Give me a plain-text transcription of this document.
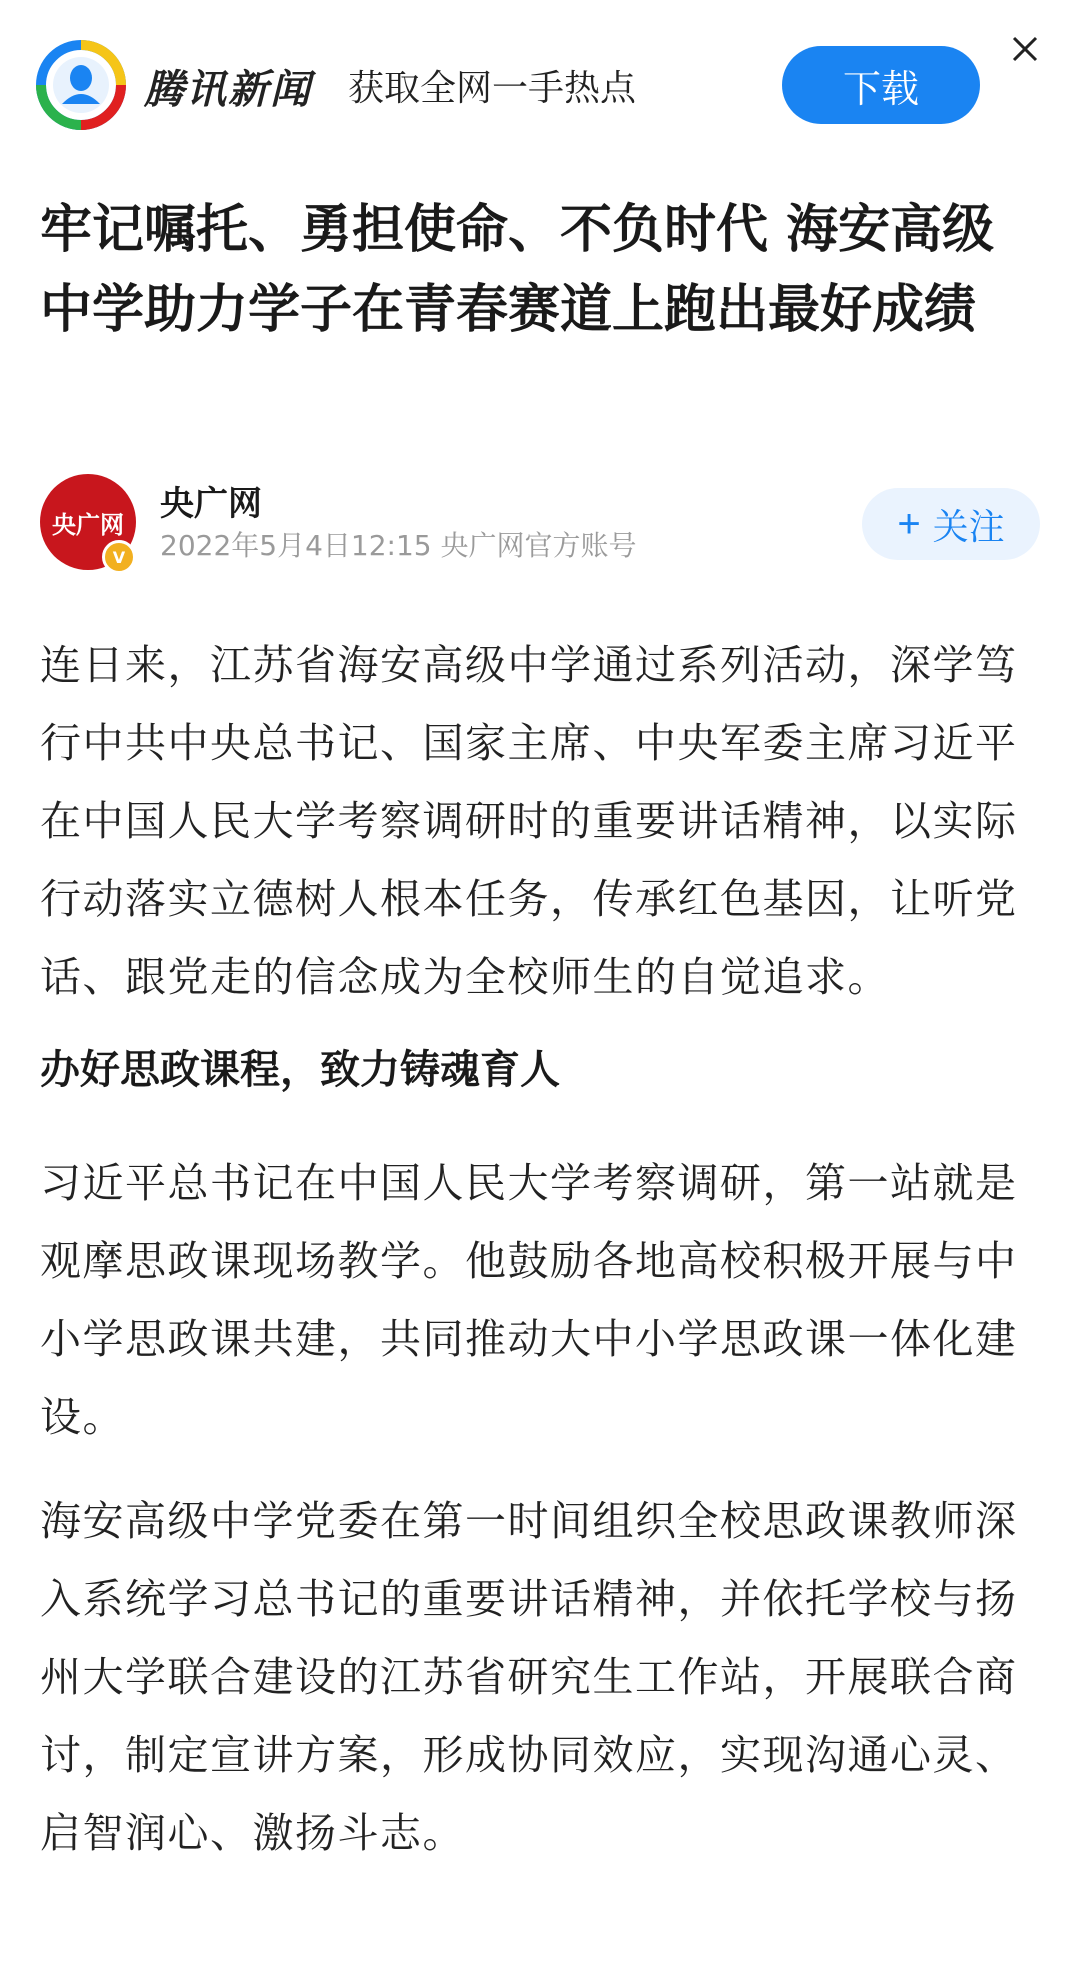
腾讯新闻 获取全网一手热点	下载
牢记嘱托、勇担使命、不负时代 海安高级中学助力学子在青春赛道上跑出最好成绩
央广网
V
央广网
2022年5月4日12:15 央广网官方账号	+ 关注

连日来，江苏省海安高级中学通过系列活动，深学笃行中共中央总书记、国家主席、中央军委主席习近平在中国人民大学考察调研时的重要讲话精神，以实际行动落实立德树人根本任务，传承红色基因，让听党话、跟党走的信念成为全校师生的自觉追求。

办好思政课程，致力铸魂育人

习近平总书记在中国人民大学考察调研，第一站就是观摩思政课现场教学。他鼓励各地高校积极开展与中小学思政课共建，共同推动大中小学思政课一体化建设。

海安高级中学党委在第一时间组织全校思政课教师深入系统学习总书记的重要讲话精神，并依托学校与扬州大学联合建设的江苏省研究生工作站，开展联合商讨，制定宣讲方案，形成协同效应，实现沟通心灵、启智润心、激扬斗志。
